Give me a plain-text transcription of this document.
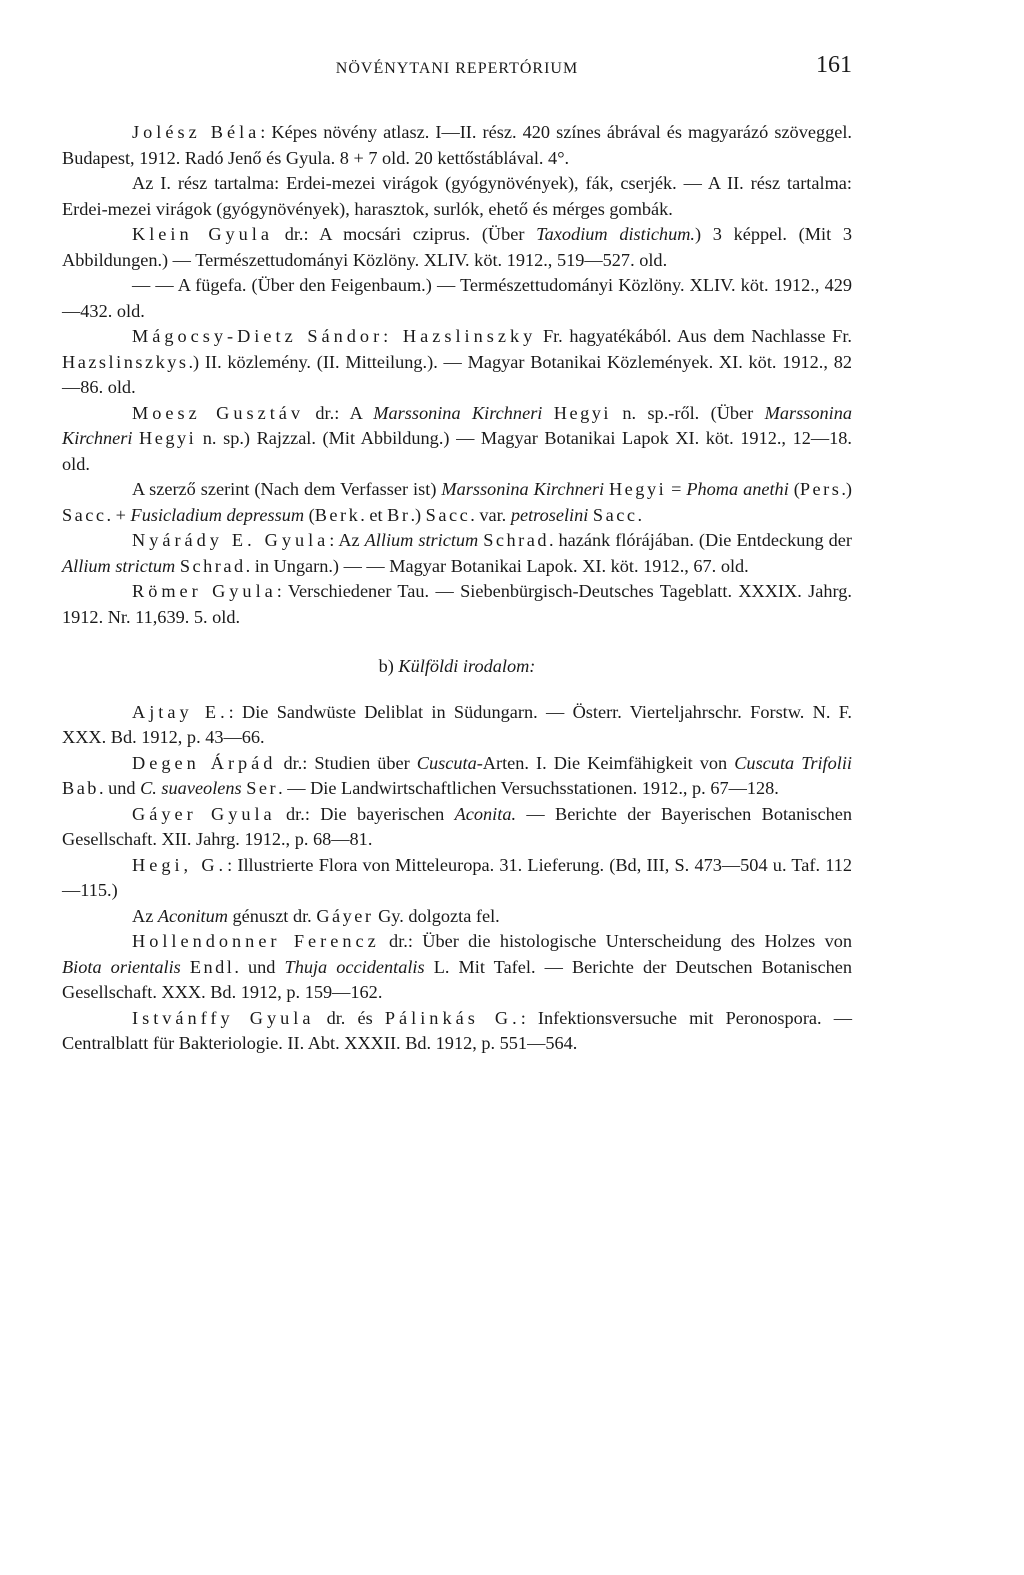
NÖVÉNYTANI REPERTÓRIUM	161

Jolész Béla: Képes növény atlasz. I—II. rész. 420 színes ábrával és magyarázó szöveggel. Budapest, 1912. Radó Jenő és Gyula. 8 + 7 old. 20 kettőstáblával. 4°.

Az I. rész tartalma: Erdei-mezei virágok (gyógynövények), fák, cserjék. — A II. rész tartalma: Erdei-mezei virágok (gyógynövények), harasztok, surlók, ehető és mérges gombák.

Klein Gyula dr.: A mocsári cziprus. (Über Taxodium distichum.) 3 képpel. (Mit 3 Abbildungen.) — Természettudományi Közlöny. XLIV. köt. 1912., 519—527. old.

— — A fügefa. (Über den Feigenbaum.) — Természettudományi Közlöny. XLIV. köt. 1912., 429—432. old.

Mágocsy-Dietz Sándor: Hazslinszky Fr. hagyatékából. Aus dem Nachlasse Fr. Hazslinszkys.) II. közlemény. (II. Mitteilung.). — Magyar Botanikai Közlemények. XI. köt. 1912., 82—86. old.

Moesz Gusztáv dr.: A Marssonina Kirchneri Hegyi n. sp.-ről. (Über Marssonina Kirchneri Hegyi n. sp.) Rajzzal. (Mit Abbildung.) — Magyar Botanikai Lapok XI. köt. 1912., 12—18. old.

A szerző szerint (Nach dem Verfasser ist) Marssonina Kirchneri Hegyi = Phoma anethi (Pers.) Sacc. + Fusicladium depressum (Berk. et Br.) Sacc. var. petroselini Sacc.

Nyárády E. Gyula: Az Allium strictum Schrad. hazánk flórájában. (Die Entdeckung der Allium strictum Schrad. in Ungarn.) — — Magyar Botanikai Lapok. XI. köt. 1912., 67. old.

Römer Gyula: Verschiedener Tau. — Siebenbürgisch-Deutsches Tageblatt. XXXIX. Jahrg. 1912. Nr. 11,639. 5. old.

b) Külföldi irodalom:

Ajtay E.: Die Sandwüste Deliblat in Südungarn. — Österr. Vierteljahrschr. Forstw. N. F. XXX. Bd. 1912, p. 43—66.

Degen Árpád dr.: Studien über Cuscuta-Arten. I. Die Keimfähigkeit von Cuscuta Trifolii Bab. und C. suaveolens Ser. — Die Landwirtschaftlichen Versuchsstationen. 1912., p. 67—128.

Gáyer Gyula dr.: Die bayerischen Aconita. — Berichte der Bayerischen Botanischen Gesellschaft. XII. Jahrg. 1912., p. 68—81.

Hegi, G.: Illustrierte Flora von Mitteleuropa. 31. Lieferung. (Bd, III, S. 473—504 u. Taf. 112—115.)

Az Aconitum génuszt dr. Gáyer Gy. dolgozta fel.

Hollendonner Ferencz dr.: Über die histologische Unterscheidung des Holzes von Biota orientalis Endl. und Thuja occidentalis L. Mit Tafel. — Berichte der Deutschen Botanischen Gesellschaft. XXX. Bd. 1912, p. 159—162.

Istvánffy Gyula dr. és Pálinkás G.: Infektionsversuche mit Peronospora. — Centralblatt für Bakteriologie. II. Abt. XXXII. Bd. 1912, p. 551—564.
